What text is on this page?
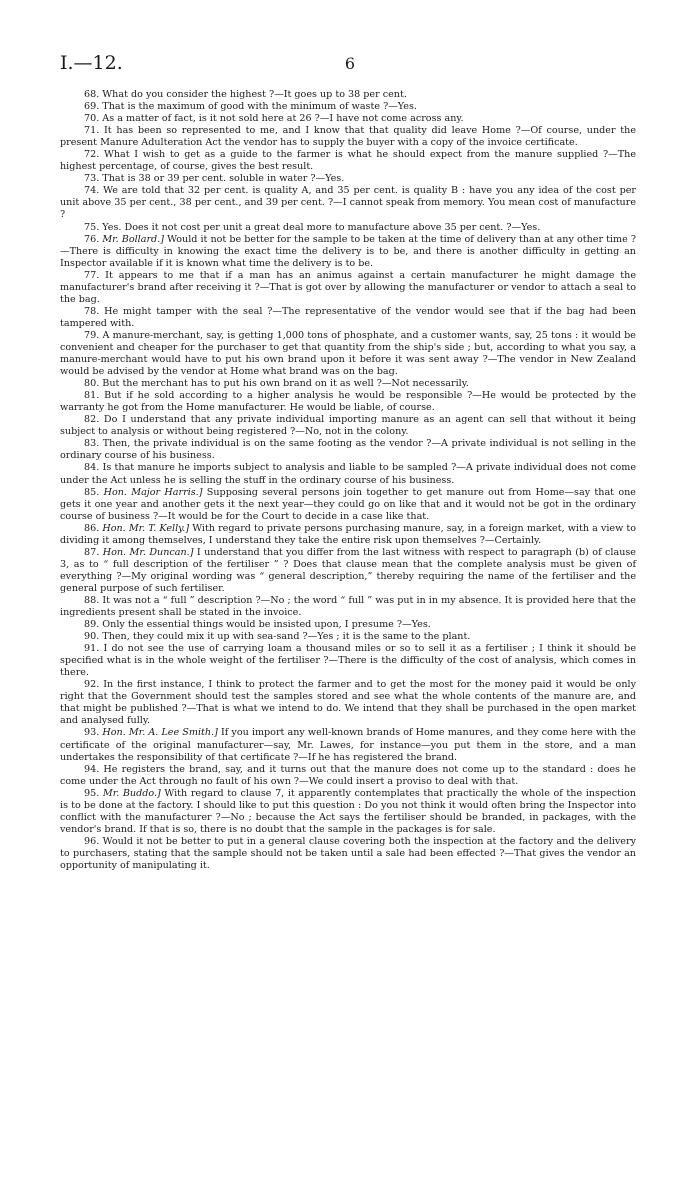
I.—12.	6

68. What do you consider the highest ?—It goes up to 38 per cent.

69. That is the maximum of good with the minimum of waste ?—Yes.

70. As a matter of fact, is it not sold here at 26 ?—I have not come across any.

71. It has been so represented to me, and I know that that quality did leave Home ?—Of course, under the present Manure Adulteration Act the vendor has to supply the buyer with a copy of the invoice certificate.

72. What I wish to get as a guide to the farmer is what he should expect from the manure supplied ?—The highest percentage, of course, gives the best result.

73. That is 38 or 39 per cent. soluble in water ?—Yes.

74. We are told that 32 per cent. is quality A, and 35 per cent. is quality B : have you any idea of the cost per unit above 35 per cent., 38 per cent., and 39 per cent. ?—I cannot speak from memory. You mean cost of manufacture ?

75. Yes. Does it not cost per unit a great deal more to manufacture above 35 per cent. ?—Yes.

76. Mr. Bollard.] Would it not be better for the sample to be taken at the time of delivery than at any other time ?—There is difficulty in knowing the exact time the delivery is to be, and there is another difficulty in getting an Inspector available if it is known what time the delivery is to be.

77. It appears to me that if a man has an animus against a certain manufacturer he might damage the manufacturer's brand after receiving it ?—That is got over by allowing the manufacturer or vendor to attach a seal to the bag.

78. He might tamper with the seal ?—The representative of the vendor would see that if the bag had been tampered with.

79. A manure-merchant, say, is getting 1,000 tons of phosphate, and a customer wants, say, 25 tons : it would be convenient and cheaper for the purchaser to get that quantity from the ship's side ; but, according to what you say, a manure-merchant would have to put his own brand upon it before it was sent away ?—The vendor in New Zealand would be advised by the vendor at Home what brand was on the bag.

80. But the merchant has to put his own brand on it as well ?—Not necessarily.

81. But if he sold according to a higher analysis he would be responsible ?—He would be protected by the warranty he got from the Home manufacturer. He would be liable, of course.

82. Do I understand that any private individual importing manure as an agent can sell that without it being subject to analysis or without being registered ?—No, not in the colony.

83. Then, the private individual is on the same footing as the vendor ?—A private individual is not selling in the ordinary course of his business.

84. Is that manure he imports subject to analysis and liable to be sampled ?—A private individual does not come under the Act unless he is selling the stuff in the ordinary course of his business.

85. Hon. Major Harris.] Supposing several persons join together to get manure out from Home—say that one gets it one year and another gets it the next year—they could go on like that and it would not be got in the ordinary course of business ?—It would be for the Court to decide in a case like that.

86. Hon. Mr. T. Kelly.] With regard to private persons purchasing manure, say, in a foreign market, with a view to dividing it among themselves, I understand they take the entire risk upon themselves ?—Certainly.

87. Hon. Mr. Duncan.] I understand that you differ from the last witness with respect to paragraph (b) of clause 3, as to “ full description of the fertiliser ” ? Does that clause mean that the complete analysis must be given of everything ?—My original wording was “ general description,” thereby requiring the name of the fertiliser and the general purpose of such fertiliser.

88. It was not a “ full ” description ?—No ; the word “ full ” was put in in my absence. It is provided here that the ingredients present shall be stated in the invoice.

89. Only the essential things would be insisted upon, I presume ?—Yes.

90. Then, they could mix it up with sea-sand ?—Yes ; it is the same to the plant.

91. I do not see the use of carrying loam a thousand miles or so to sell it as a fertiliser ; I think it should be specified what is in the whole weight of the fertiliser ?—There is the difficulty of the cost of analysis, which comes in there.

92. In the first instance, I think to protect the farmer and to get the most for the money paid it would be only right that the Government should test the samples stored and see what the whole contents of the manure are, and that might be published ?—That is what we intend to do. We intend that they shall be purchased in the open market and analysed fully.

93. Hon. Mr. A. Lee Smith.] If you import any well-known brands of Home manures, and they come here with the certificate of the original manufacturer—say, Mr. Lawes, for instance—you put them in the store, and a man undertakes the responsibility of that certificate ?—If he has registered the brand.

94. He registers the brand, say, and it turns out that the manure does not come up to the standard : does he come under the Act through no fault of his own ?—We could insert a proviso to deal with that.

95. Mr. Buddo.] With regard to clause 7, it apparently contemplates that practically the whole of the inspection is to be done at the factory. I should like to put this question : Do you not think it would often bring the Inspector into conflict with the manufacturer ?—No ; because the Act says the fertiliser should be branded, in packages, with the vendor's brand. If that is so, there is no doubt that the sample in the packages is for sale.

96. Would it not be better to put in a general clause covering both the inspection at the factory and the delivery to purchasers, stating that the sample should not be taken until a sale had been effected ?—That gives the vendor an opportunity of manipulating it.
